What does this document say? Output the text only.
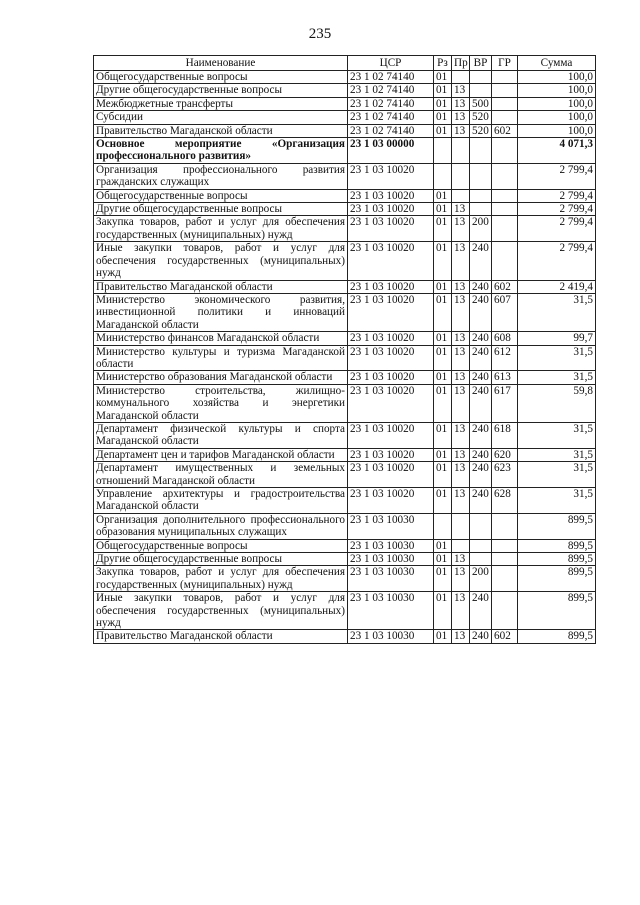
235
Наименование	ЦСР	Рз	Пр	ВР	ГР	Сумма
Общегосударственные вопросы	23 1 02 74140	01				100,0
Другие общегосударственные вопросы	23 1 02 74140	01	13			100,0
Межбюджетные трансферты	23 1 02 74140	01	13	500		100,0
Субсидии	23 1 02 74140	01	13	520		100,0
Правительство Магаданской области	23 1 02 74140	01	13	520	602	100,0
Основное мероприятие «Организация профессионального развития»	23 1 03 00000					4 071,3
Организация профессионального развития гражданских служащих	23 1 03 10020					2 799,4
Общегосударственные вопросы	23 1 03 10020	01				2 799,4
Другие общегосударственные вопросы	23 1 03 10020	01	13			2 799,4
Закупка товаров, работ и услуг для обеспечения государственных (муниципальных) нужд	23 1 03 10020	01	13	200		2 799,4
Иные закупки товаров, работ и услуг для обеспечения государственных (муниципальных) нужд	23 1 03 10020	01	13	240		2 799,4
Правительство Магаданской области	23 1 03 10020	01	13	240	602	2 419,4
Министерство экономического развития, инвестиционной политики и инноваций Магаданской области	23 1 03 10020	01	13	240	607	31,5
Министерство финансов Магаданской области	23 1 03 10020	01	13	240	608	99,7
Министерство культуры и туризма Магаданской области	23 1 03 10020	01	13	240	612	31,5
Министерство образования Магаданской области	23 1 03 10020	01	13	240	613	31,5
Министерство строительства, жилищно-коммунального хозяйства и энергетики Магаданской области	23 1 03 10020	01	13	240	617	59,8
Департамент физической культуры и спорта Магаданской области	23 1 03 10020	01	13	240	618	31,5
Департамент цен и тарифов Магаданской области	23 1 03 10020	01	13	240	620	31,5
Департамент имущественных и земельных отношений Магаданской области	23 1 03 10020	01	13	240	623	31,5
Управление архитектуры и градостроительства Магаданской области	23 1 03 10020	01	13	240	628	31,5
Организация дополнительного профессионального образования муниципальных служащих	23 1 03 10030					899,5
Общегосударственные вопросы	23 1 03 10030	01				899,5
Другие общегосударственные вопросы	23 1 03 10030	01	13			899,5
Закупка товаров, работ и услуг для обеспечения государственных (муниципальных) нужд	23 1 03 10030	01	13	200		899,5
Иные закупки товаров, работ и услуг для обеспечения государственных (муниципальных) нужд	23 1 03 10030	01	13	240		899,5
Правительство Магаданской области	23 1 03 10030	01	13	240	602	899,5
